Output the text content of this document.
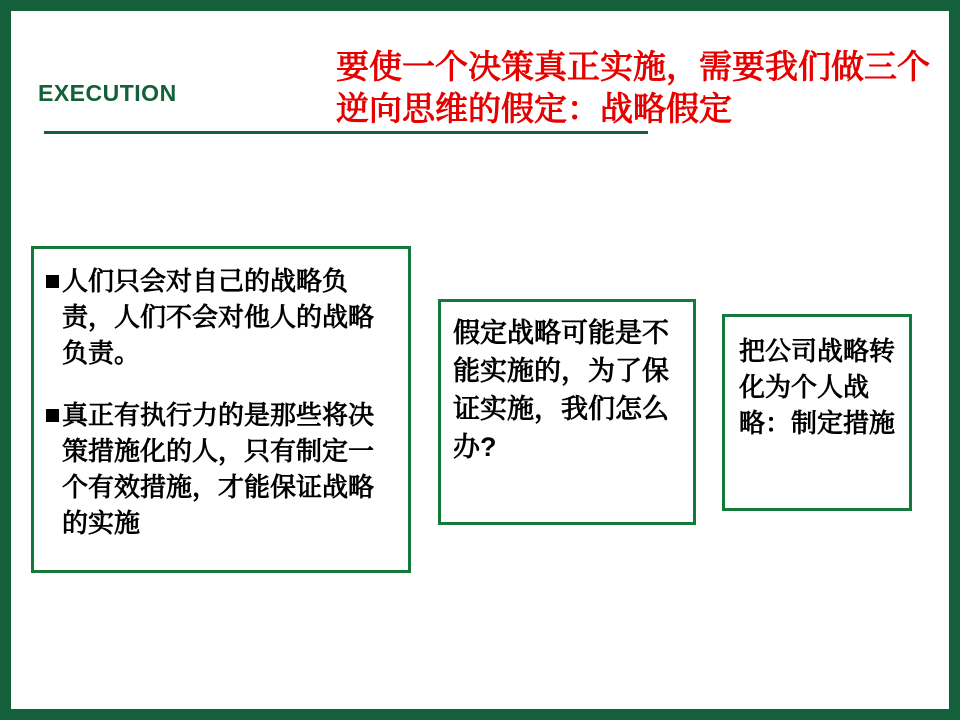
EXECUTION
要使一个决策真正实施，需要我们做三个逆向思维的假定：战略假定
人们只会对自己的战略负责，人们不会对他人的战略负责。
真正有执行力的是那些将决策措施化的人，只有制定一个有效措施，才能保证战略的实施
假定战略可能是不能实施的，为了保证实施，我们怎么办?
把公司战略转化为个人战略：制定措施
